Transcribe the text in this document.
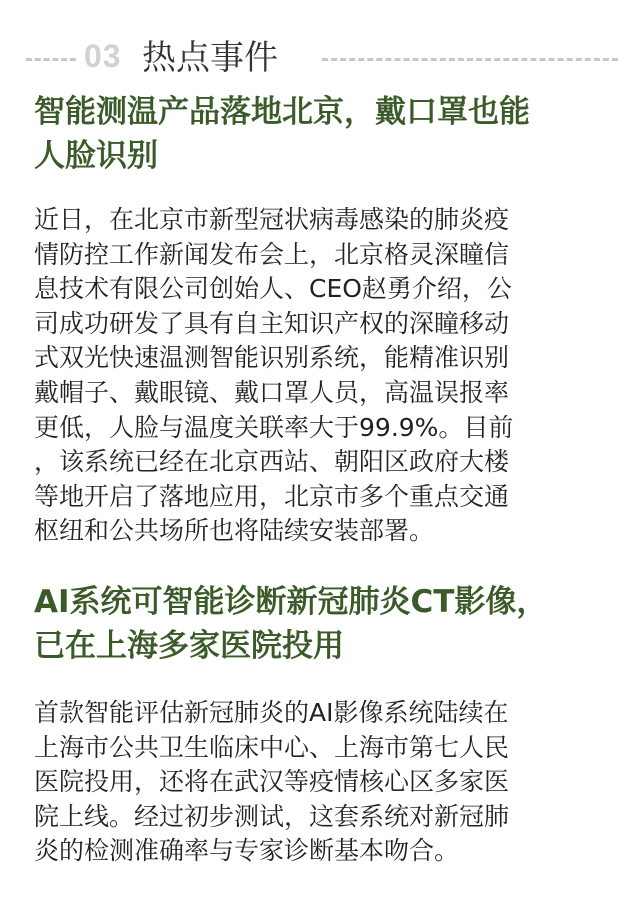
03 热点事件
智能测温产品落地北京，戴口罩也能
人脸识别
近日，在北京市新型冠状病毒感染的肺炎疫
情防控工作新闻发布会上，北京格灵深瞳信
息技术有限公司创始人、CEO赵勇介绍，公
司成功研发了具有自主知识产权的深瞳移动
式双光快速温测智能识别系统，能精准识别
戴帽子、戴眼镜、戴口罩人员，高温误报率
更低，人脸与温度关联率大于99.9%。目前
，该系统已经在北京西站、朝阳区政府大楼
等地开启了落地应用，北京市多个重点交通
枢纽和公共场所也将陆续安装部署。
AI系统可智能诊断新冠肺炎CT影像，
已在上海多家医院投用
首款智能评估新冠肺炎的AI影像系统陆续在
上海市公共卫生临床中心、上海市第七人民
医院投用，还将在武汉等疫情核心区多家医
院上线。经过初步测试，这套系统对新冠肺
炎的检测准确率与专家诊断基本吻合。
